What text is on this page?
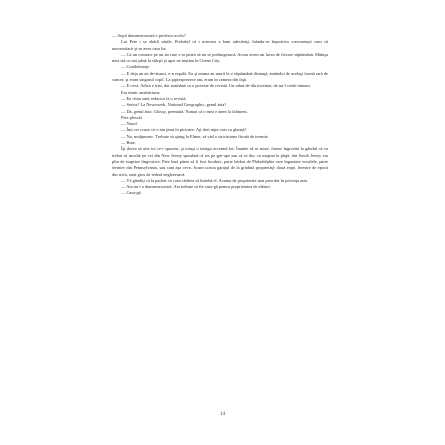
— Soţul dumneavoastră e profesor acolo?

Lui Pete i se zbârli nările. Probabil că i mirosea a bani adevăraţi, luându-se împotriva concurenţei cum că universitarii şi-ar avea casa lor.

— Ca un contract pe un an care s-ar putea să nu se prelungească. Acum avem un lucru de fiecare săptămână. Mătuşa mea stă cu noi până la sfârşit şi apoi ne mutăm în Ocean City.

— Condoleanţe.

— E deja un an de-atunci, e-n regulă. Eu şi mama au murit la o săptămână distanţă, amândoi de acelaşi formă rară de cancer, şi eram singurul copil. La şaptesprezece ani, eram în camera din faţă.

— E ceva. Adică e trist, dar seamănă cu o poveste de revistă. Un rahat de-ăla inventat, de nu-l crede nimeni.

Era nimic amărăciune.

— Eu chiar sunt redactor la o revistă.

— Serios? La Newsweek, National Geographic, genul ăsta?

— Da, genul ăsta. Glossy, premiată. Numai că o mea e atent la faliment.

Pete plescăi.

— Nasol.

— Îmi cer scuze că v-am ţinut în picioare. Aţi dori niţte ceai cu gheaţă?

— Nu, mulţumesc. Trebuie să ajung la Elmer, să văd o stricăciune făcută de termite.

— Bine.

Îşi dorea să uite tot ce-i spusese, şi totuşi o intriga accentul lui. Înainte să se mute, fusese îngrozită la gândul că va trebui să asculte pe cei din New Jersey spunând că ies pe şpe-ape sau că se duc cu maşina la plajă, dar South Jersey era plin de surprize lingvistice. Pete însă părea să fi fost localnic, parte bărbat de Philadelphia care îngustase vocalele, parte fermier din Pennsylvania, sau cam aşa ceva. Acum scruta garajul de la grădină proprietăţi: două etaje, ferestre de epocă din stică, strat gros de iederă englezească.

— Vă gândiţi că la pachet cu casa cădirea să întrebă el. Acuma de proprietate mai prea dar în privinţa asta.

— Aia nu-i a dumneavoastră. Aia trebuie să fie casa-gă pentru proprietatea de alături.

— Casa-gă.

14
